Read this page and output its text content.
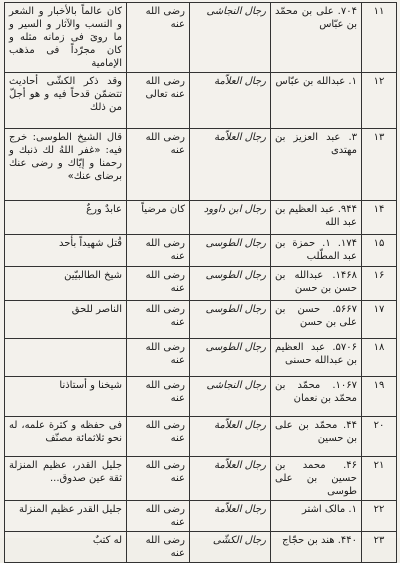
١١	٧٠۴. على بن محمّد بن عبّاس	رجال النجاشى	رضى الله عنه	كان عالماً بالأخبار و الشعر و النسب والآثار و السير و ما روىَ فى زمانه مثله و كان مجرّداً فى مذهب الإمامية
١٢	١. عبدالله بن عبّاس	رجال العلاّمة	رضى الله عنه تعالى	وقد ذكر الكشّى أحاديث تتضمّن قدحاً فيه و هو أجلّ من ذلك
١٣	٣. عبد العزيز بن مهتدى	رجال العلاّمة	رضى الله عنه	قال الشيخ الطوسى: خرج فيه: «غفر اللهُ لك ذنبك و رحمنا و إيّاك و رضى عنك برضاى عنك»
١۴	٩۴۴. عبد العظيم بن عبد الله	رجال ابن داوود	كان مرضياً	عابدٌ ورعٌ
١۵	١٧۴. ١. حمزة بن عبد المطّلب	رجال الطوسى	رضى الله عنه	قُتل شهيداً بأحد
١۶	١۴۶٨. عبدالله بن حسن بن حسن	رجال الطوسى	رضى الله عنه	شيخ الطالبيّين
١٧	۵۶۶٧. حسن بن على بن حسن	رجال الطوسى	رضى الله عنه	الناصر للحق
١٨	۵٧٠۶. عبد العظيم بن عبدالله حسنى	رجال الطوسى	رضى الله عنه	
١٩	١٠۶٧. محمّد بن محمّد بن نعمان	رجال النجاشى	رضى الله عنه	شيخنا و أستاذنا
٢٠	۴۴. محمّد بن على بن حسين	رجال العلاّمة	رضى الله عنه	فى حفظه و كثرة علمه، له نحو ثلاثمائة مصنّف
٢١	۴۶. محمد بن حسين بن على طوسى	رجال العلاّمة	رضى الله عنه	جليل القدر، عظيم المنزلة ثقة عين صدوق...
٢٢	١. مالک اشتر	رجال العلاّمة	رضى الله عنه	جليل القدر عظيم المنزلة
٢٣	۴۴٠. هند بن حجّاج	رجال الكشّى	رضى الله عنه	له كتبٌ
